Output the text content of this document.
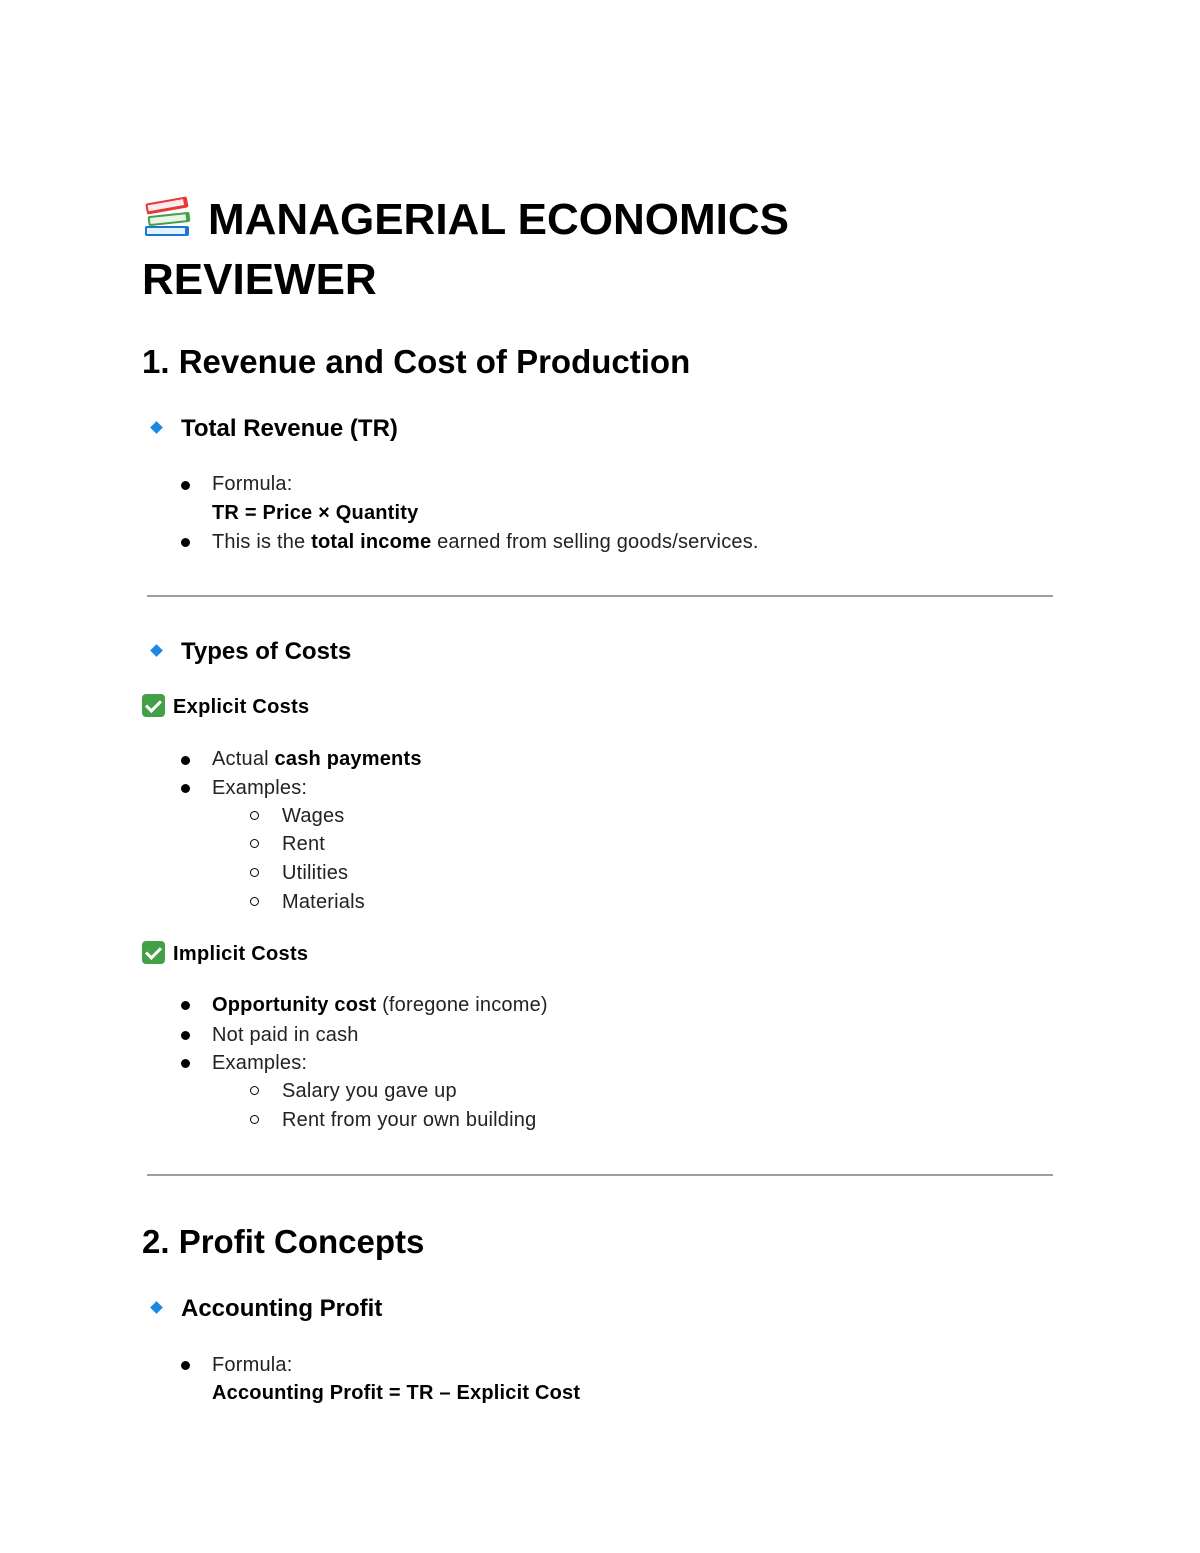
MANAGERIAL ECONOMICS REVIEWER
1. Revenue and Cost of Production
Total Revenue (TR)
Formula:
TR = Price × Quantity
This is the total income earned from selling goods/services.
Types of Costs
Explicit Costs
Actual cash payments
Examples:
Wages
Rent
Utilities
Materials
Implicit Costs
Opportunity cost (foregone income)
Not paid in cash
Examples:
Salary you gave up
Rent from your own building
2. Profit Concepts
Accounting Profit
Formula:
Accounting Profit = TR – Explicit Cost
